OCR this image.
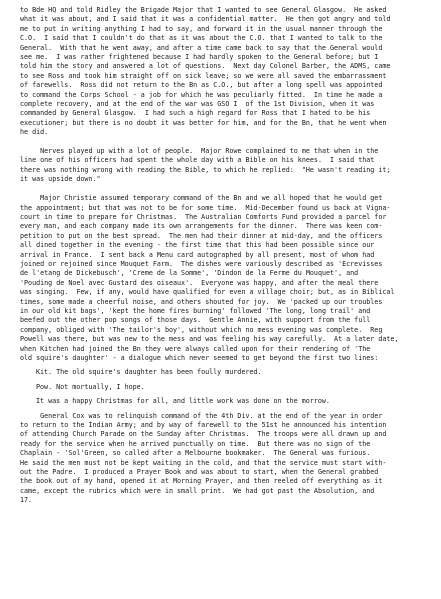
to Bde HQ and told Ridley the Brigade Major that I wanted to see General Glasgow.  He asked
what it was about, and I said that it was a confidential matter.  He then got angry and told
me to put in writing anything I had to say, and forward it in the usual manner through the
C.O.  I said that I couldn't do that as it was about the C.O. that I wanted to talk to the
General.  With that he went away, and after a time came back to say that the General would
see me.  I was rather frightened because I had hardly spoken to the General before; but I
told him the story and answered a lot of questions.  Next day Colonel Barber, the ADMS, came
to see Ross and took him straight off on sick leave; so we were all saved the embarrassment
of farewells.  Ross did not return to the Bn as C.O., but after a long spell was appointed
to command the Corps School - a job for which he was peculiarly fitted.  In time he made a
complete recovery, and at the end of the war was GSO I  of the 1st Division, when it was
commanded by General Glasgow.  I had such a high regard for Ross that I hated to be his
executioner; but there is no doubt it was better for him, and for the Bn, that he went when
he did.
Nerves played up with a lot of people.  Major Rowe complained to me that when in the
line one of his officers had spent the whole day with a Bible on his knees.  I said that
there was nothing wrong with reading the Bible, to which he replied:  "He wasn't reading it;
it was upside down."
Major Christie assumed temporary command of the Bn and we all hoped that he would get
the appointment; but that was not to be for some time.  Mid-December found us back at Vigna-
court in time to prepare for Christmas.  The Australian Comforts Fund provided a parcel for
every man, and each company made its own arrangements for the dinner.  There was keen com-
petition to put on the best spread.  The men had their dinner at mid-day, and the officers
all dined together in the evening - the first time that this had been possible since our
arrival in France.  I sent back a Menu card autographed by all present, most of whom had
joined or rejoined since Mouquet Farm.  The dishes were variously described as 'Ecrevisses
de l'etang de Dickebusch', 'Creme de la Somme', 'Dindon de la Ferme du Mouquet', and
'Pouding de Noel avec Gustard des oiseaux'.  Everyone was happy, and after the meal there
was singing.  Few, if any, would have qualified for even a village choir; but, as in Biblical
times, some made a cheerful noise, and others shouted for joy.  We 'packed up our troubles
in our old kit bags', 'kept the home fires burning' followed 'The long, long trail' and
beefed out the other pop songs of those days.  Gentle Annie, with support from the full
company, obliged with 'The tailor's boy', without which no mess evening was complete.  Reg
Powell was there, but was new to the mess and was feeling his way carefully.  At a later date,
when Kitchen had joined the Bn they were always called upon for their rendering of 'The
old squire's daughter' - a dialogue which never seemed to get beyond the first two lines:
Kit. The old squire's daughter has been foully murdered.
Pow. Not mortually, I hope.
It was a happy Christmas for all, and little work was done on the morrow.
General Cox was to relinquish command of the 4th Div. at the end of the year in order
to return to the Indian Army; and by way of farewell to the 51st he announced his intention
of attending Church Parade on the Sunday after Christmas.  The troops were all drawn up and
ready for the service when he arrived punctually on time.  But there was no sign of the
Chaplain - 'Sol'Green, so called after a Melbourne bookmaker.  The General was furious.
He said the men must not be kept waiting in the cold, and that the service must start with-
out the Padre.  I produced a Prayer Book and was about to start, when the General grabbed
the book out of my hand, opened it at Morning Prayer, and then reeled off everything as it
came, except the rubrics which were in small print.  We had got past the Absolution, and
17.
